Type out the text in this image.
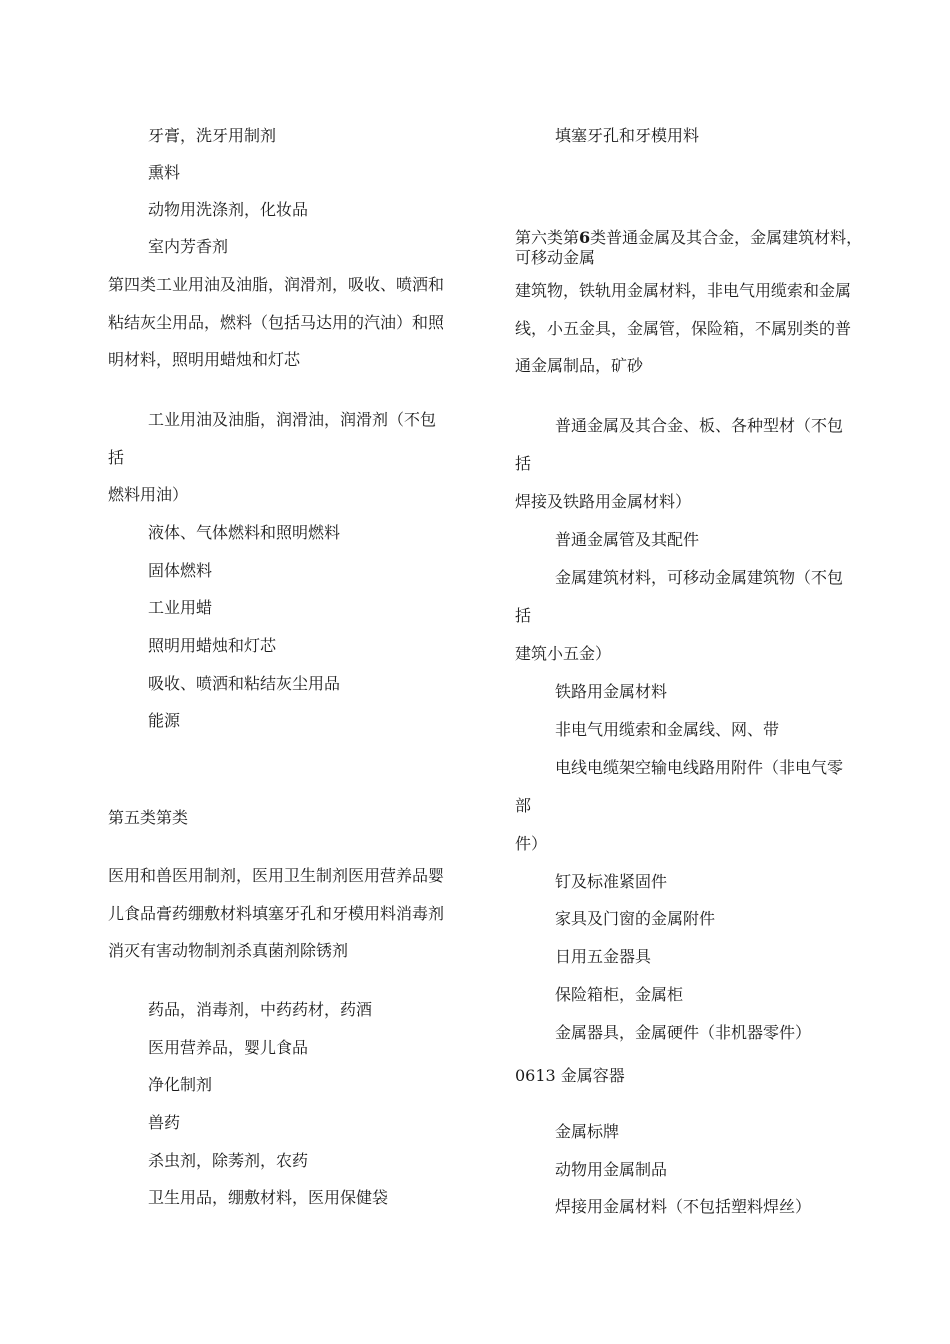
牙膏，洗牙用制剂
熏料
动物用洗涤剂，化妆品
室内芳香剂
第四类工业用油及油脂，润滑剂，吸收、喷洒和
粘结灰尘用品，燃料（包括马达用的汽油）和照
明材料，照明用蜡烛和灯芯
工业用油及油脂，润滑油，润滑剂（不包
括
燃料用油）
液体、气体燃料和照明燃料
固体燃料
工业用蜡
照明用蜡烛和灯芯
吸收、喷洒和粘结灰尘用品
能源
第五类第类
医用和兽医用制剂，医用卫生制剂医用营养品婴
儿食品膏药绷敷材料填塞牙孔和牙模用料消毒剂
消灭有害动物制剂杀真菌剂除锈剂
药品，消毒剂，中药药材，药酒
医用营养品，婴儿食品
净化制剂
兽药
杀虫剂，除莠剂，农药
卫生用品，绷敷材料，医用保健袋
填塞牙孔和牙模用料
第六类第6类普通金属及其合金，金属建筑材料，
可移动金属
建筑物，铁轨用金属材料，非电气用缆索和金属
线，小五金具，金属管，保险箱，不属别类的普
通金属制品，矿砂
普通金属及其合金、板、各种型材（不包
括
焊接及铁路用金属材料）
普通金属管及其配件
金属建筑材料，可移动金属建筑物（不包
括
建筑小五金）
铁路用金属材料
非电气用缆索和金属线、网、带
电线电缆架空输电线路用附件（非电气零
部
件）
钉及标准紧固件
家具及门窗的金属附件
日用五金器具
保险箱柜，金属柜
金属器具，金属硬件（非机器零件）
0613 金属容器
金属标牌
动物用金属制品
焊接用金属材料（不包括塑料焊丝）
